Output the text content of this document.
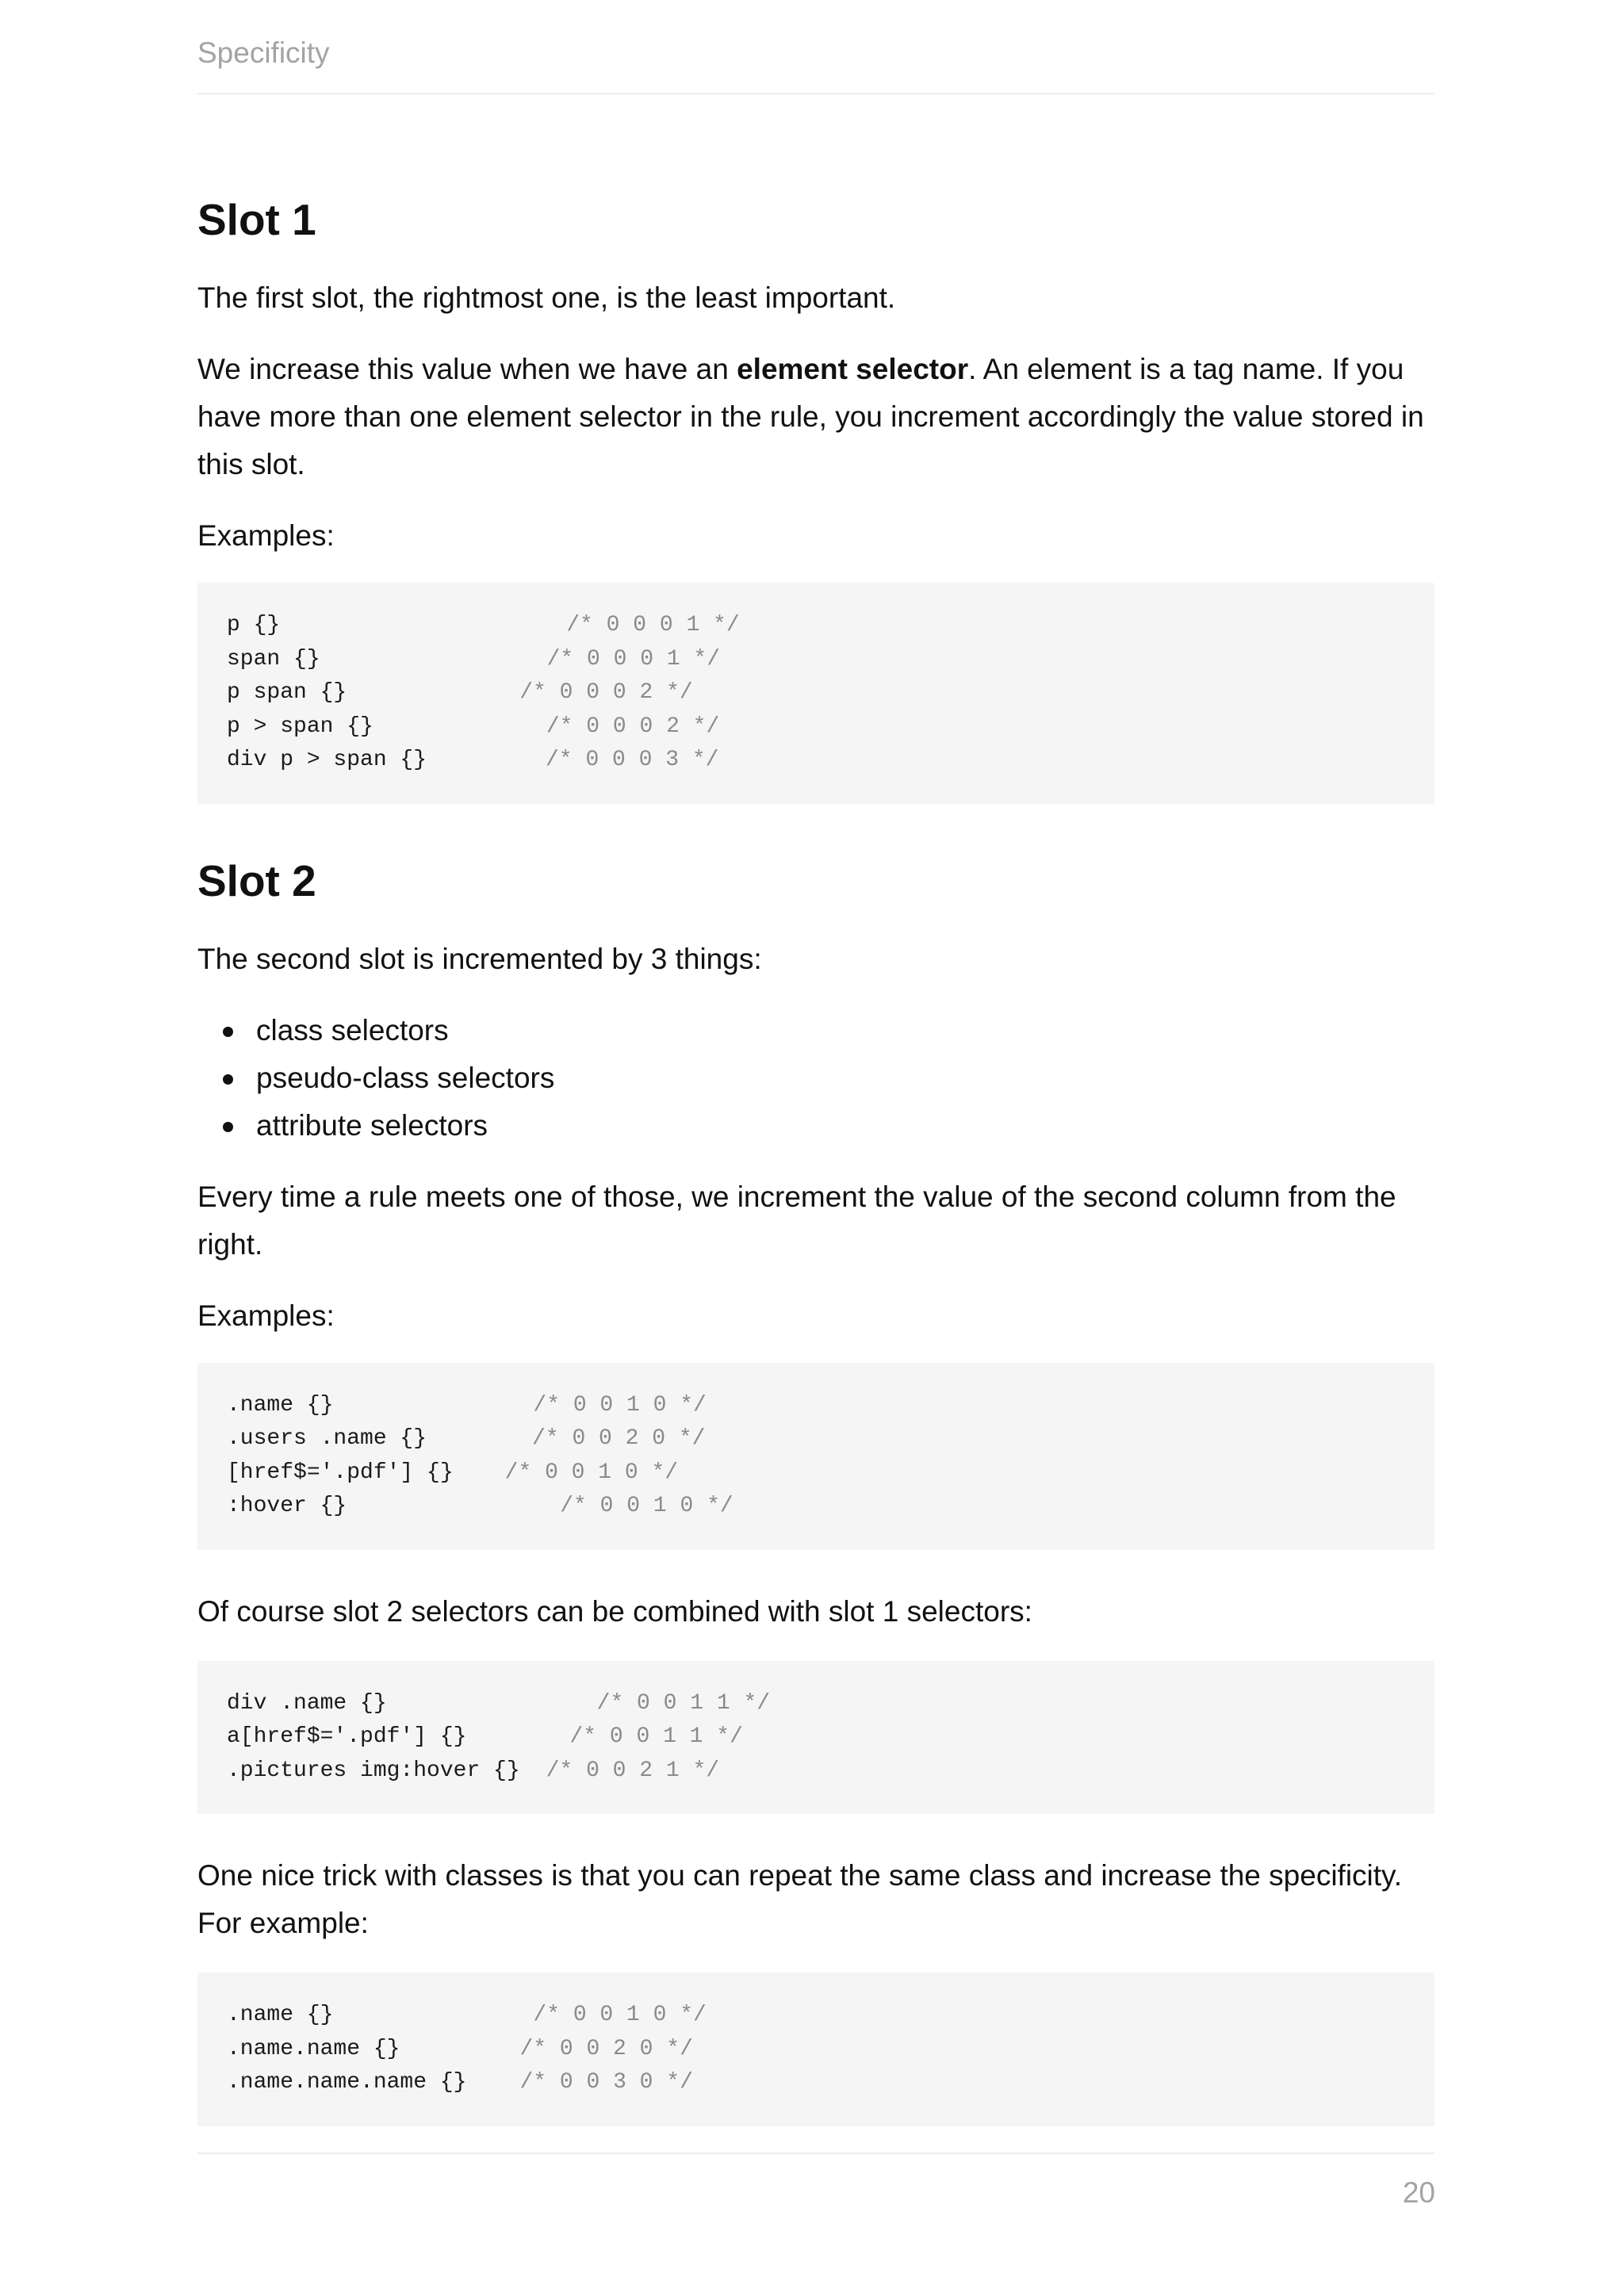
Specificity
Slot 1

The first slot, the rightmost one, is the least important.

We increase this value when we have an element selector. An element is a tag name. If you have more than one element selector in the rule, you increment accordingly the value stored in this slot.

Examples:

p {}	/* 0 0 0 1 */
span {}	/* 0 0 0 1 */
p span {}	/* 0 0 0 2 */
p > span {}	/* 0 0 0 2 */
div p > span {}	/* 0 0 0 3 */
Slot 2

The second slot is incremented by 3 things:

class selectors
pseudo-class selectors
attribute selectors

Every time a rule meets one of those, we increment the value of the second column from the right.

Examples:

.name {}	/* 0 0 1 0 */
.users .name {}	/* 0 0 2 0 */
[href$='.pdf'] {} /* 0 0 1 0 */
:hover {}	/* 0 0 1 0 */

Of course slot 2 selectors can be combined with slot 1 selectors:

div .name {}	/* 0 0 1 1 */
a[href$='.pdf'] {}	/* 0 0 1 1 */
.pictures img:hover {} /* 0 0 2 1 */

One nice trick with classes is that you can repeat the same class and increase the specificity. For example:

.name {}	/* 0 0 1 0 */
.name.name {}	/* 0 0 2 0 */
.name.name.name {} /* 0 0 3 0 */
20
